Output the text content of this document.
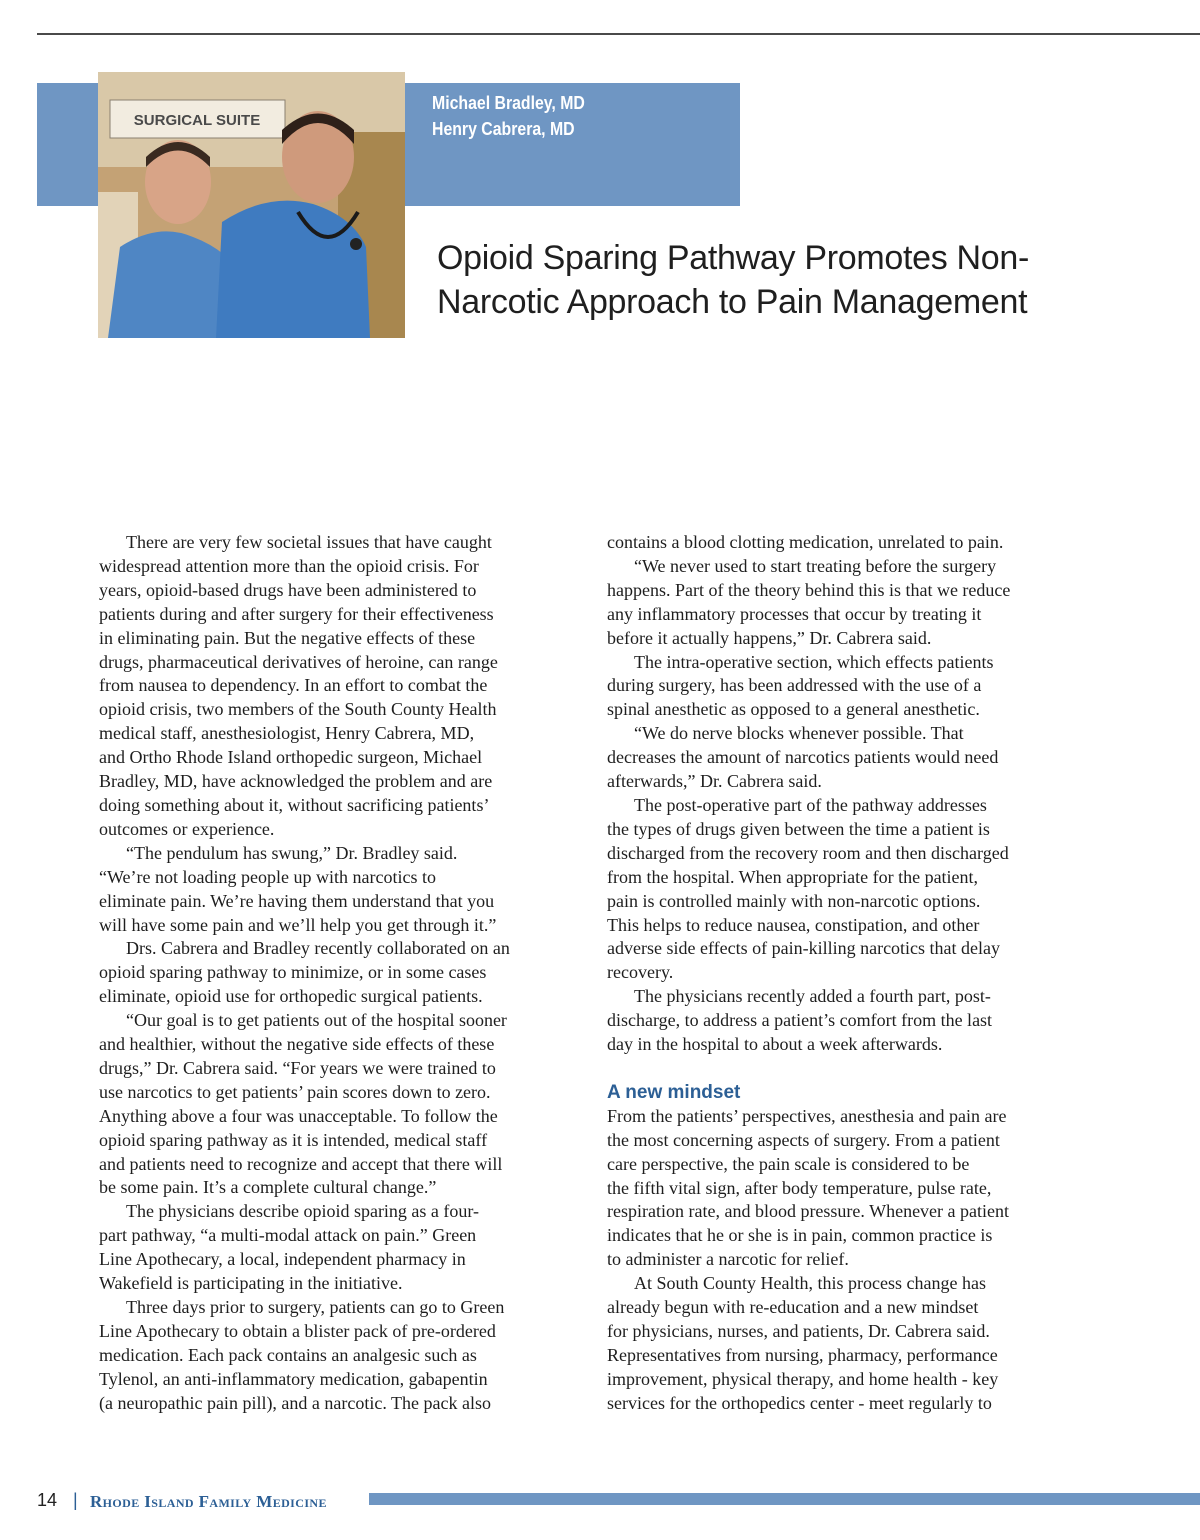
SURGICAL SUITE
Michael Bradley, MD
Henry Cabrera, MD
Opioid Sparing Pathway Promotes Non-
Narcotic Approach to Pain Management
There are very few societal issues that have caught
widespread attention more than the opioid crisis. For
years, opioid-based drugs have been administered to
patients during and after surgery for their effectiveness
in eliminating pain. But the negative effects of these
drugs, pharmaceutical derivatives of heroine, can range
from nausea to dependency. In an effort to combat the
opioid crisis, two members of the South County Health
medical staff, anesthesiologist, Henry Cabrera, MD,
and Ortho Rhode Island orthopedic surgeon, Michael
Bradley, MD, have acknowledged the problem and are
doing something about it, without sacrificing patients’
outcomes or experience.
“The pendulum has swung,” Dr. Bradley said.
“We’re not loading people up with narcotics to
eliminate pain. We’re having them understand that you
will have some pain and we’ll help you get through it.”
Drs. Cabrera and Bradley recently collaborated on an
opioid sparing pathway to minimize, or in some cases
eliminate, opioid use for orthopedic surgical patients.
“Our goal is to get patients out of the hospital sooner
and healthier, without the negative side effects of these
drugs,” Dr. Cabrera said. “For years we were trained to
use narcotics to get patients’ pain scores down to zero.
Anything above a four was unacceptable. To follow the
opioid sparing pathway as it is intended, medical staff
and patients need to recognize and accept that there will
be some pain. It’s a complete cultural change.”
The physicians describe opioid sparing as a four-
part pathway, “a multi-modal attack on pain.” Green
Line Apothecary, a local, independent pharmacy in
Wakefield is participating in the initiative.
Three days prior to surgery, patients can go to Green
Line Apothecary to obtain a blister pack of pre-ordered
medication. Each pack contains an analgesic such as
Tylenol, an anti-inflammatory medication, gabapentin
(a neuropathic pain pill), and a narcotic. The pack also
contains a blood clotting medication, unrelated to pain.
“We never used to start treating before the surgery
happens. Part of the theory behind this is that we reduce
any inflammatory processes that occur by treating it
before it actually happens,” Dr. Cabrera said.
The intra-operative section, which effects patients
during surgery, has been addressed with the use of a
spinal anesthetic as opposed to a general anesthetic.
“We do nerve blocks whenever possible. That
decreases the amount of narcotics patients would need
afterwards,” Dr. Cabrera said.
The post-operative part of the pathway addresses
the types of drugs given between the time a patient is
discharged from the recovery room and then discharged
from the hospital. When appropriate for the patient,
pain is controlled mainly with non-narcotic options.
This helps to reduce nausea, constipation, and other
adverse side effects of pain-killing narcotics that delay
recovery.
The physicians recently added a fourth part, post-
discharge, to address a patient’s comfort from the last
day in the hospital to about a week afterwards.
A new mindset
From the patients’ perspectives, anesthesia and pain are
the most concerning aspects of surgery. From a patient
care perspective, the pain scale is considered to be
the fifth vital sign, after body temperature, pulse rate,
respiration rate, and blood pressure. Whenever a patient
indicates that he or she is in pain, common practice is
to administer a narcotic for relief.
At South County Health, this process change has
already begun with re-education and a new mindset
for physicians, nurses, and patients, Dr. Cabrera said.
Representatives from nursing, pharmacy, performance
improvement, physical therapy, and home health - key
services for the orthopedics center - meet regularly to
14 | Rhode Island Family Medicine
